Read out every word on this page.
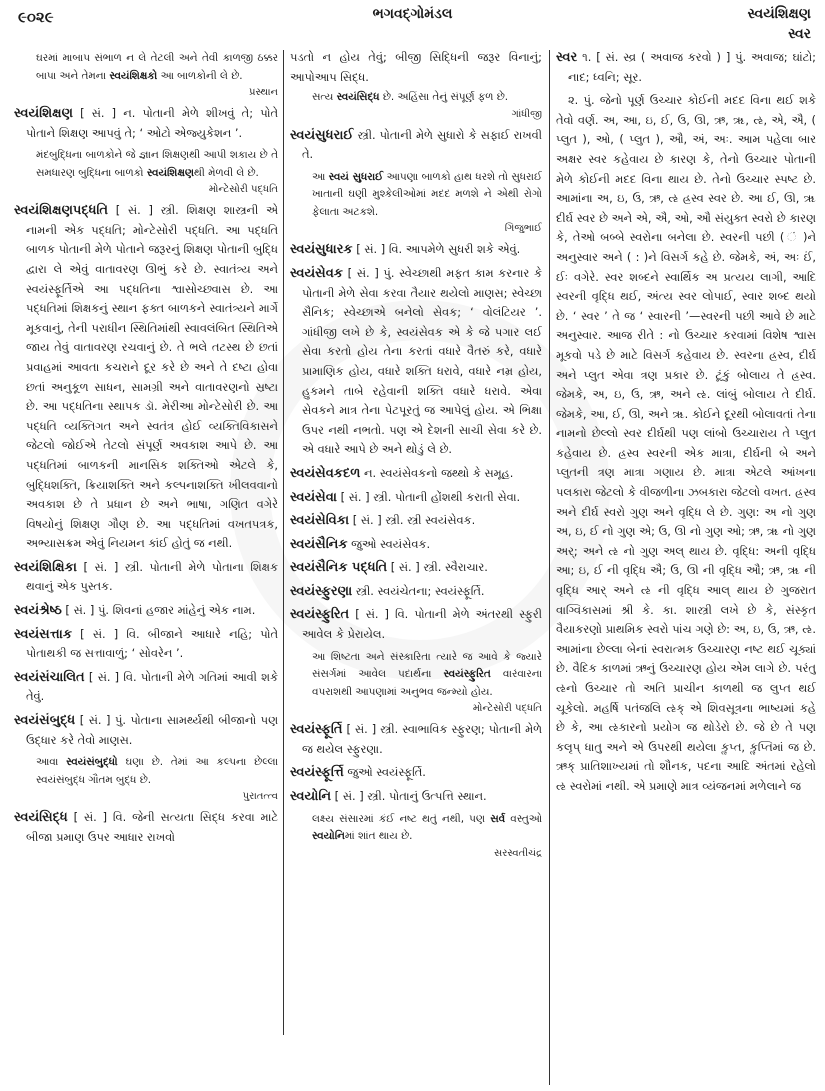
૯૦૨૯	ભગવદ્ગોમંડલ	સ્વયંશિક્ષણ
સ્વર

ઘરમાં માબાપ સંભાળ ન લે તેટલી અને તેવી કાળજી ઠક્કર બાપા અને તેમના સ્વયંશિક્ષકો આ બાળકોની લે છે.

પ્રસ્થાન

સ્વયંશિક્ષણ [ સં. ] ન. પોતાની મેળે શીખવું તે; પોતે પોતાને શિક્ષણ આપવું તે; ‘ ઓટો એજ્યુકેશન ’.

મંદબુદ્ધિના બાળકોને જે જ્ઞાન શિક્ષણથી આપી શકાય છે તે સમધારણ બુદ્ધિના બાળકો સ્વયંશિક્ષણથી મેળવી લે છે.

મોન્ટેસોરી પદ્ધતિ

સ્વયંશિક્ષણપદ્ધતિ [ સં. ] સ્ત્રી. શિક્ષણ શાસ્ત્રની એ નામની એક પદ્ધતિ; મોન્ટેસોરી પદ્ધતિ. આ પદ્ધતિ બાળક પોતાની મેળે પોતાને જરૂરનું શિક્ષણ પોતાની બુદ્ધિ દ્વારા લે એવું વાતાવરણ ઊભું કરે છે. સ્વાતંત્ર્ય અને સ્વયંસ્ફૂર્તિએ આ પદ્ધતિના શ્વાસોચ્છ્વાસ છે. આ પદ્ધતિમાં શિક્ષકનું સ્થાન ફક્ત બાળકને સ્વાતંત્ર્યને માર્ગે મૂકવાનું, તેની પરાધીન સ્થિતિમાંથી સ્વાવલંબિત સ્થિતિએ જાય તેવું વાતાવરણ રચવાનું છે. તે ભલે તટસ્થ છે છતાં પ્રવાહમાં આવતા કચરાને દૂર કરે છે અને તે દષ્ટા હોવા છતાં અનુકૂળ સાધન, સામગ્રી અને વાતાવરણનો સ્રષ્ટા છે. આ પદ્ધતિના સ્થાપક ડૉ. મેરીઆ મોન્ટેસોરી છે. આ પદ્ધતિ વ્યક્તિગત અને સ્વતંત્ર હોઈ વ્યક્તિવિકાસને જેટલો જોઈએ તેટલો સંપૂર્ણ અવકાશ આપે છે. આ પદ્ધતિમાં બાળકની માનસિક શક્તિઓ એટલે કે, બુદ્ધિશક્તિ, ક્રિયાશક્તિ અને કલ્પનાશક્તિ ખીલવવાનો અવકાશ છે તે પ્રધાન છે અને ભાષા, ગણિત વગેરે વિષયોનું શિક્ષણ ગૌણ છે. આ પદ્ધતિમાં વખતપત્રક, અભ્યાસક્રમ એવું નિયમન કાંઈ હોતું જ નથી.

સ્વયંશિક્ષિકા [ સં. ] સ્ત્રી. પોતાની મેળે પોતાના શિક્ષક થવાનું એક પુસ્તક.

સ્વયંશ્રેષ્ઠ [ સં. ] પું. શિવનાં હજાર માંહેનું એક નામ.

સ્વયંસત્તાક [ સં. ] વિ. બીજાને આધારે નહિ; પોતે પોતાથકી જ સત્તાવાળું; ‘ સોવરેન ’.

સ્વયંસંચાલિત [ સં. ] વિ. પોતાની મેળે ગતિમાં આવી શકે તેવું.

સ્વયંસંબુદ્ધ [ સં. ] પું. પોતાના સામર્થ્યથી બીજાનો પણ ઉદ્ધાર કરે તેવો માણસ.

આવા સ્વયંસંબુદ્ધો ઘણા છે. તેમાં આ કલ્પના છેલ્લા સ્વયંસંબુદ્ધ ગૌતમ બુદ્ધ છે.

પુરાતત્ત્વ

સ્વયંસિદ્ધ [ સં. ] વિ. જેની સત્યતા સિદ્ધ કરવા માટે બીજા પ્રમાણ ઉપર આધાર રાખવો

પડતો ન હોય તેવું; બીજી સિદ્ધિની જરૂર વિનાનું; આપોઆપ સિદ્ધ.

સત્ય સ્વયંસિદ્ધ છે. અહિંસા તેનું સંપૂર્ણ ફળ છે.

ગાંધીજી

સ્વયંસુધરાઈ સ્ત્રી. પોતાની મેળે સુધારો કે સફાઈ રાખવી તે.

આ સ્વયં સુધરાઈ આપણા બાળકો હાથ ધરશે તો સુધરાઈ ખાતાની ઘણી મુશ્કેલીઓમાં મદદ મળશે ને એથી રોગો ફેલાતા અટકશે.

ગિજુભાઈ

સ્વયંસુધારક [ સં. ] વિ. આપમેળે સુધરી શકે એવું.

સ્વયંસેવક [ સં. ] પું. સ્વેચ્છાથી મફત કામ કરનાર કે પોતાની મેળે સેવા કરવા તૈયાર થયેલો માણસ; સ્વેચ્છા સૈનિક; સ્વેચ્છાએ બનેલો સેવક; ‘ વોલંટિયર ’. ગાંધીજી લખે છે કે, સ્વયંસેવક એ કે જે પગાર લઈ સેવા કરતો હોય તેના કરતાં વધારે વૈતરું કરે, વધારે પ્રામાણિક હોય, વધારે શક્તિ ધરાવે, વધારે નમ્ર હોય, હુકમને તાબે રહેવાની શક્તિ વધારે ધરાવે. એવા સેવકને માત્ર તેના પેટપૂરતું જ આપેલું હોય. એ ભિક્ષા ઉપર નથી નભતો. પણ એ દેશની સાચી સેવા કરે છે. એ વધારે આપે છે અને થોડું લે છે.

સ્વયંસેવકદળ ન. સ્વયંસેવકનો જથ્થો કે સમૂહ.

સ્વયંસેવા [ સં. ] સ્ત્રી. પોતાની હોંશથી કરાતી સેવા.

સ્વયંસેવિકા [ સં. ] સ્ત્રી. સ્ત્રી સ્વયંસેવક.

સ્વયંસૈનિક જુઓ સ્વયંસેવક.

સ્વયંસૈનિક પદ્ધતિ [ સં. ] સ્ત્રી. સ્વૈરાચાર.

સ્વયંસ્ફુરણા સ્ત્રી. સ્વયંચેતના; સ્વયંસ્ફૂર્તિ.

સ્વયંસ્ફુરિત [ સં. ] વિ. પોતાની મેળે અંતરથી સ્ફુરી આવેલ કે પ્રેરાયેલ.

આ શિષ્ટતા અને સંસ્કારિતા ત્યારે જ આવે કે જ્યારે સંસર્ગમાં આવેલ પદાર્થના સ્વયંસ્ફુરિત વારંવારના વપરાશથી આપણામાં અનુભવ જન્મ્યો હોય.

મોન્ટેસોરી પદ્ધતિ

સ્વયંસ્ફૂર્તિ [ સં. ] સ્ત્રી. સ્વાભાવિક સ્ફુરણ; પોતાની મેળે જ થયેલ સ્ફુરણા.

સ્વયંસ્ફૂર્ત્તિ જુઓ સ્વયંસ્ફૂર્તિ.

સ્વયોનિ [ સં. ] સ્ત્રી. પોતાનું ઉત્પત્તિ સ્થાન.

લક્ષ્ય સંસારમાં કંઈ નષ્ટ થતું નથી, પણ સર્વ વસ્તુઓ સ્વયોનિમાં શાંત થાય છે.

સરસ્વતીચંદ્ર

સ્વર ૧. [ સં. સ્વ્ર ( અવાજ કરવો ) ] પું. અવાજ; ઘાંટો; નાદ; ધ્વનિ; સૂર.

૨. પું. જેનો પૂર્ણ ઉચ્ચાર કોઈની મદદ વિના થઈ શકે તેવો વર્ણ. અ, આ, ઇ, ઈ, ઉ, ઊ, ઋ, ૠ, ઌ, એ, ઐ, ( પ્લુત ), ઓ, ( પ્લુત ), ઔ, અં, અઃ. આમ પહેલા બાર અક્ષર સ્વર કહેવાય છે કારણ કે, તેનો ઉચ્ચાર પોતાની મેળે કોઈની મદદ વિના થાય છે. તેનો ઉચ્ચાર સ્પષ્ટ છે. આમાંના અ, ઇ, ઉ, ઋ, ઌ હ્રસ્વ સ્વર છે. આ ઈ, ઊ, ૠ દીર્ઘ સ્વર છે અને એ, ઐ, ઓ, ઔ સંયુક્ત સ્વરો છે કારણ કે, તેઓ બબ્બે સ્વરોના બનેલા છે. સ્વરની પછી ( ં )ને અનુસ્વાર અને ( : )ને વિસર્ગ કહે છે. જેમકે, અં, અઃ ઈં, ઈઃ વગેરે. સ્વર શબ્દને સ્વાર્થિક અ પ્રત્યય લાગી, આદિ સ્વરની વૃદ્ધિ થઈ, અંત્ય સ્વર લોપાઈ, સ્વાર શબ્દ થયો છે. ‘ સ્વર ’ તે જ ‘ સ્વારની ’—સ્વરની પછી આવે છે માટે અનુસ્વાર. આજ રીતે : નો ઉચ્ચાર કરવામાં વિશેષ શ્વાસ મૂકવો પડે છે માટે વિસર્ગ કહેવાય છે. સ્વરના હ્રસ્વ, દીર્ઘ અને પ્લુત એવા ત્રણ પ્રકાર છે. ટૂંકું બોલાય તે હ્રસ્વ. જેમકે, અ, ઇ, ઉ, ઋ, અને ઌ. લાંબું બોલાય તે દીર્ઘ. જેમકે, આ, ઈ, ઊ, અને ૠ. કોઈને દૂરથી બોલાવતાં તેના નામનો છેલ્લો સ્વર દીર્ઘથી પણ લાંબો ઉચ્ચારાય તે પ્લુત કહેવાય છે. હ્રસ્વ સ્વરની એક માત્રા, દીર્ઘની બે અને પ્લુતની ત્રણ માત્રા ગણાય છે. માત્રા એટલે આંખના પલકારા જેટલો કે વીજળીના ઝબકારા જેટલો વખત. હ્રસ્વ અને દીર્ઘ સ્વરો ગુણ અને વૃદ્ધિ લે છે. ગુણ: અ નો ગુણ અ, ઇ, ઈ નો ગુણ એ; ઉ, ઊ નો ગુણ ઓ; ઋ, ૠ નો ગુણ અર્; અને ઌ નો ગુણ અલ્ થાય છે. વૃદ્ધિ: અની વૃદ્ધિ આ; ઇ, ઈ ની વૃદ્ધિ ઐ; ઉ, ઊ ની વૃદ્ધિ ઔ; ઋ, ૠ ની વૃદ્ધિ આર્ અને ઌ ની વૃદ્ધિ આલ્ થાય છે ગુજરાત વાગ્વિકાસમાં શ્રી કે. કા. શાસ્ત્રી લખે છે કે, સંસ્કૃત વૈયાકરણો પ્રાથમિક સ્વરો પાંચ ગણે છે: અ, ઇ, ઉ, ઋ, ઌ. આમાંના છેલ્લા બેનાં સ્વરાત્મક ઉચ્ચારણ નષ્ટ થઈ ચૂક્યાં છે. વૈદિક કાળમાં ઋનું ઉચ્ચારણ હોય એમ લાગે છે. પરંતુ ઌનો ઉચ્ચાર તો અતિ પ્રાચીન કાળથી જ લુપ્ત થઈ ચૂકેલો. મહર્ષિ પતંજલિ ઌક્ એ શિવસૂત્રના ભાષ્યમાં કહે છે કે, આ ઌકારનો પ્રયોગ જ થોડેરો છે. જે છે તે પણ કલૃપ્ ધાતુ અને એ ઉપરથી થયેલા કૢપ્ત, કૢપ્તિમાં જ છે. ઋક્ પ્રાતિશાખ્યમાં તો શૌનક, પદના આદિ અંતમાં રહેલો ઌ સ્વરોમાં નથી. એ પ્રમાણે માત્ર વ્યંજનમાં મળેલાને જ
